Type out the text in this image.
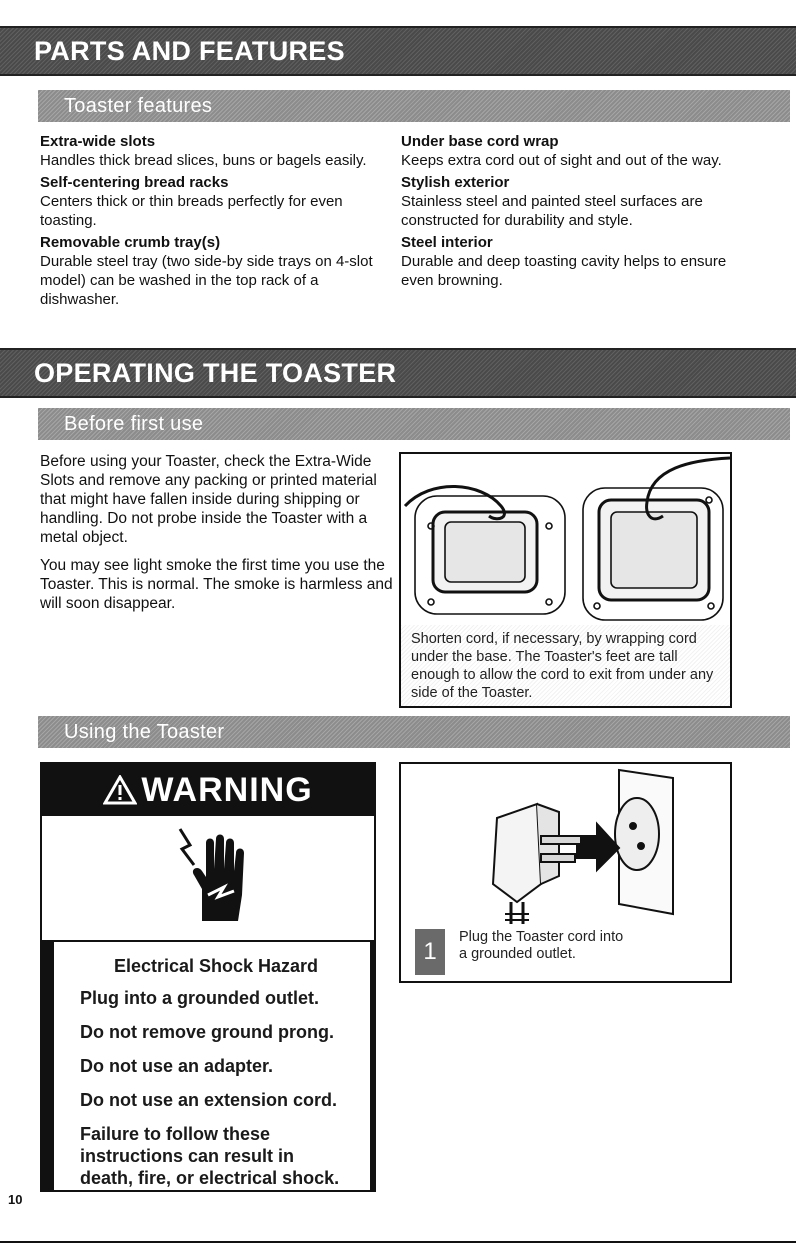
PARTS AND FEATURES
Toaster features
Extra-wide slots
Handles thick bread slices, buns or bagels easily.
Self-centering bread racks
Centers thick or thin breads perfectly for even toasting.
Removable crumb tray(s)
Durable steel tray (two side-by side trays on 4-slot model) can be washed in the top rack of a dishwasher.
Under base cord wrap
Keeps extra cord out of sight and out of the way.
Stylish exterior
Stainless steel and painted steel surfaces are constructed for durability and style.
Steel interior
Durable and deep toasting cavity helps to ensure even browning.
OPERATING THE TOASTER
Before first use

Before using your Toaster, check the Extra-Wide Slots and remove any packing or printed material that might have fallen inside during shipping or handling. Do not probe inside the Toaster with a metal object.

You may see light smoke the first time you use the Toaster. This is normal. The smoke is harmless and will soon disappear.

Shorten cord, if necessary, by wrapping cord under the base. The Toaster's feet are tall enough to allow the cord to exit from under any side of the Toaster.
Using the Toaster
WARNING
Electrical Shock Hazard
Plug into a grounded outlet.
Do not remove ground prong.
Do not use an adapter.
Do not use an extension cord.
Failure to follow these instructions can result in death, fire, or electrical shock.
1
Plug the Toaster cord into
a grounded outlet.
10
